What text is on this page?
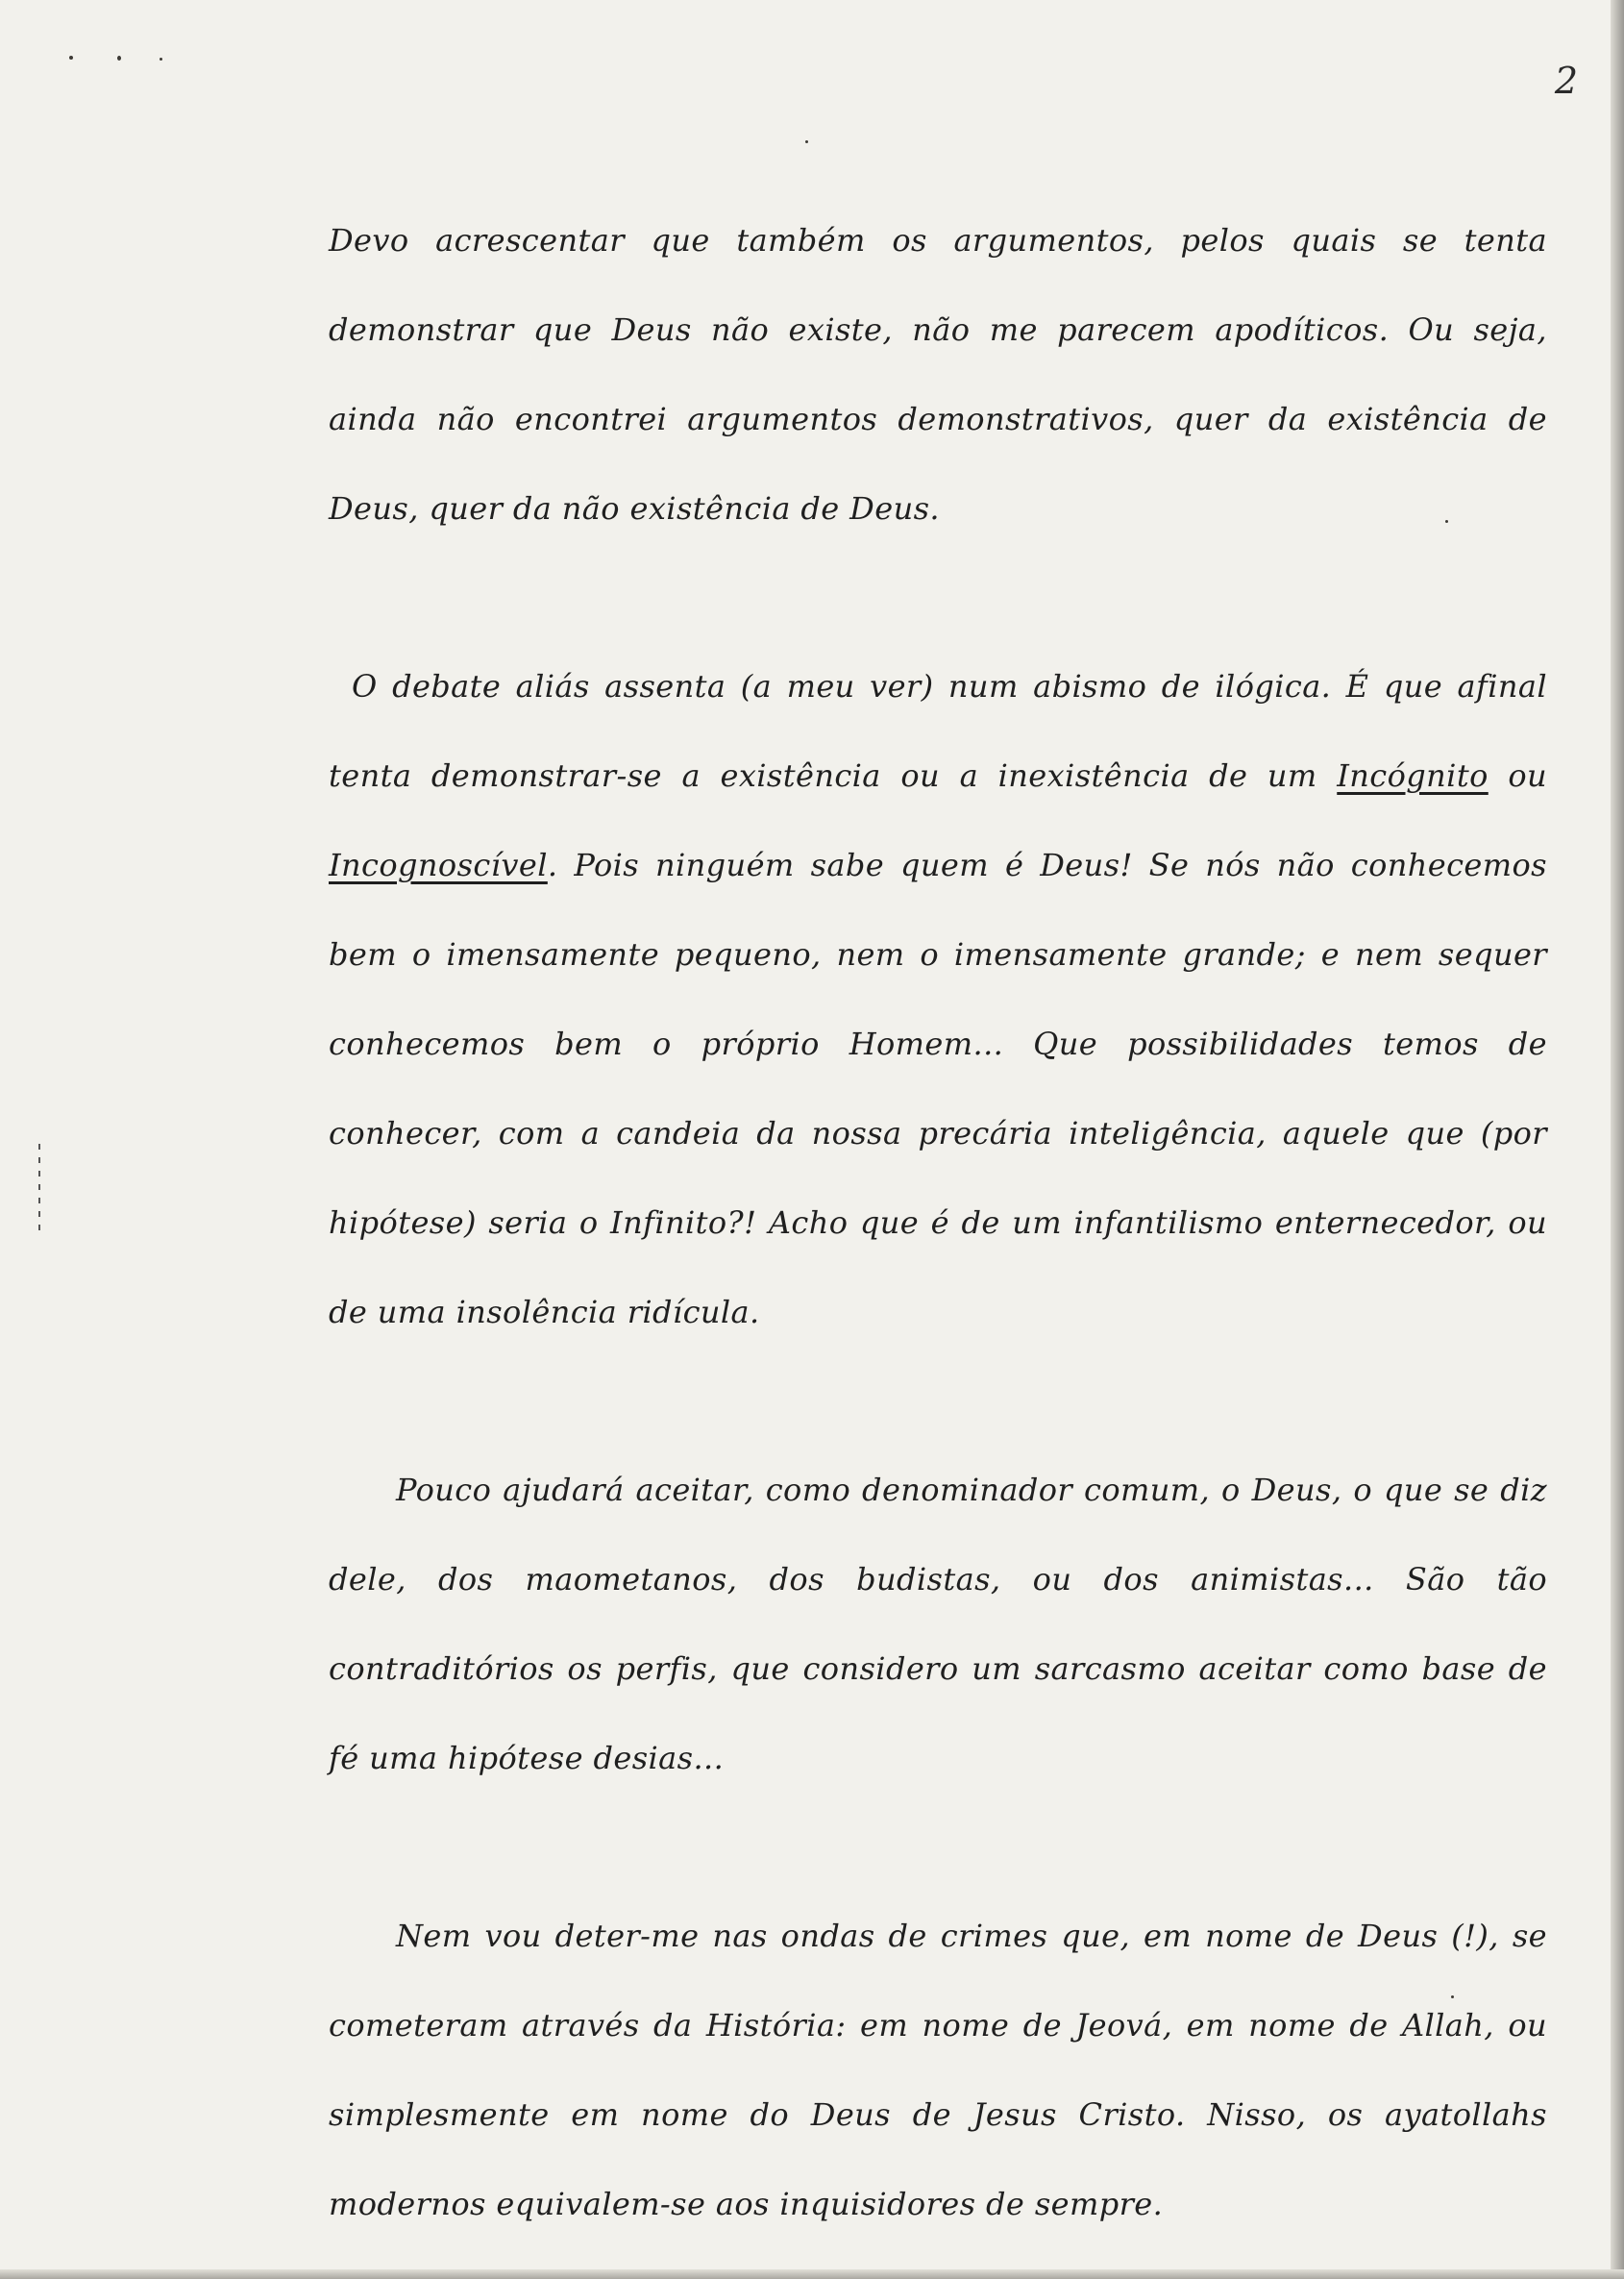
2

Devo acrescentar que também os argumentos, pelos quais se tenta demonstrar que Deus não existe, não me parecem apodíticos. Ou seja, ainda não encontrei argumentos demonstrativos, quer da existência de Deus, quer da não existência de Deus.

O debate aliás assenta (a meu ver) num abismo de ilógica. É que afinal tenta demonstrar-se a existência ou a inexistência de um Incógnito ou Incognoscível. Pois ninguém sabe quem é Deus! Se nós não conhecemos bem o imensamente pequeno, nem o imensamente grande; e nem sequer conhecemos bem o próprio Homem... Que possibilidades temos de conhecer, com a candeia da nossa precária inteligência, aquele que (por hipótese) seria o Infinito?! Acho que é de um infantilismo enternecedor, ou de uma insolência ridícula.

Pouco ajudará aceitar, como denominador comum, o Deus, o que se diz dele, dos maometanos, dos budistas, ou dos animistas... São tão contraditórios os perfis, que considero um sarcasmo aceitar como base de fé uma hipótese desias...

Nem vou deter-me nas ondas de crimes que, em nome de Deus (!), se cometeram através da História: em nome de Jeová, em nome de Allah, ou simplesmente em nome do Deus de Jesus Cristo. Nisso, os ayatollahs modernos equivalem-se aos inquisidores de sempre.
